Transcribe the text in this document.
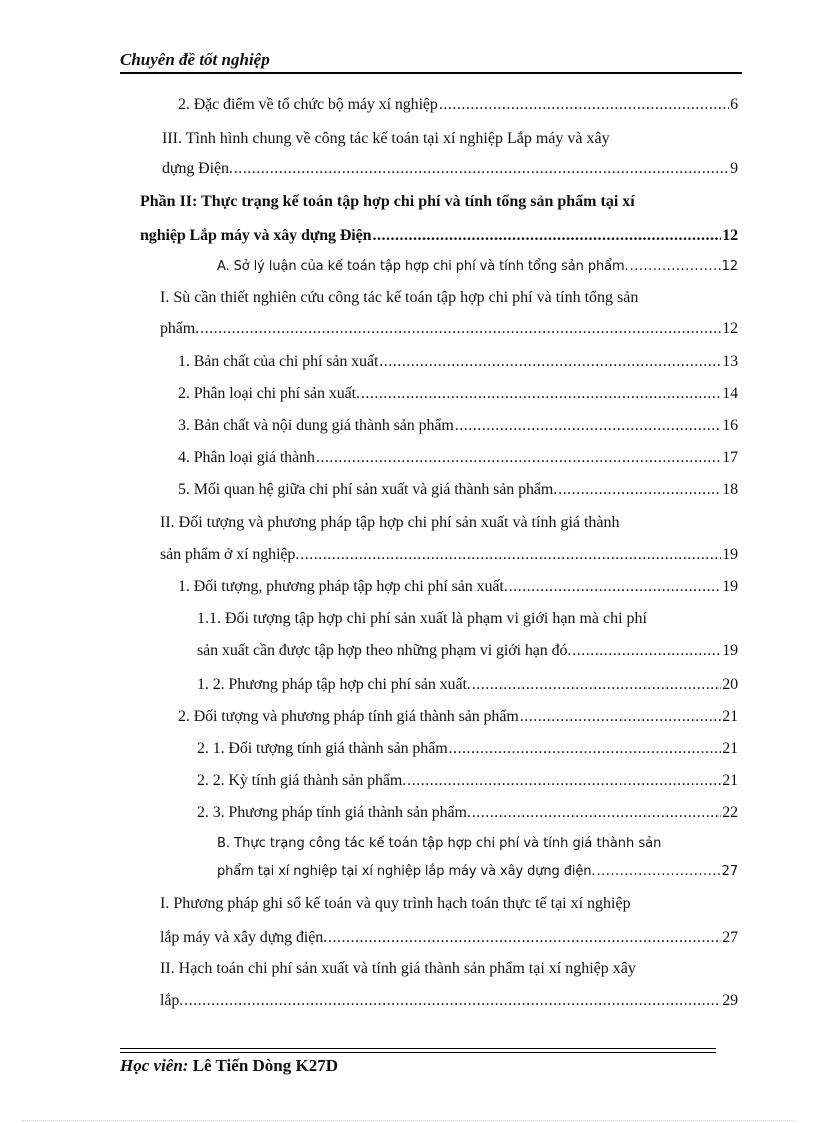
Chuyên đề tốt nghiệp
2. Đặc điểm về tổ chức bộ máy xí nghiệp .....	6
III. Tình hình chung về công tác kế toán tại xí nghiệp Lắp máy và xây
dựng Điện. .....	9
Phần II: Thực trạng kế toán tập hợp chi phí và tính tổng sản phẩm tại xí
nghiệp Lắp máy và xây dựng Điện .....	12
A. Sở lý luận của kế toán tập hợp chi phí và tính tổng sản phẩm. .....	12
I. Sù cần thiết nghiên cứu công tác kế toán tập hợp chi phí và tính tổng sản
phẩm. .....	12
1. Bản chất của chi phí sản xuất .....	13
2. Phân loại chi phí sản xuất. .....	14
3. Bản chất và nội dung giá thành sản phẩm .....	16
4. Phân loại giá thành .....	17
5. Mối quan hệ giữa chi phí sản xuất và giá thành sản phẩm. .....	18
II. Đối tượng và phương pháp tập hợp chi phí sản xuất và tính giá thành
sản phẩm ở xí nghiệp. .....	19
1. Đối tượng, phương pháp tập hợp chi phí sản xuất. .....	19
1.1. Đối tượng tập hợp chi phí sản xuất là phạm vi giới hạn mà chi phí
sản xuất cần được tập hợp theo những phạm vi giới hạn đó. .....	19
1. 2. Phương pháp tập hợp chi phí sản xuất. .....	20
2. Đối tượng và phương pháp tính giá thành sản phẩm .....	21
2. 1. Đối tượng tính giá thành sản phẩm .....	21
2. 2. Kỳ tính giá thành sản phẩm. .....	21
2. 3. Phương pháp tính giá thành sản phẩm. .....	22
B. Thực trạng công tác kế toán tập hợp chi phí và tính giá thành sản
phẩm tại xí nghiệp tại xí nghiệp lắp máy và xây dựng điện. .....	27
I. Phương pháp ghi sổ kế toán và quy trình hạch toán thực tế tại xí nghiệp
lắp máy và xây dựng điện. .....	27
II. Hạch toán chi phí sản xuất và tính giá thành sản phẩm tại xí nghiệp xây
lắp. .....	29
Học viên: Lê Tiến Dòng K27D
